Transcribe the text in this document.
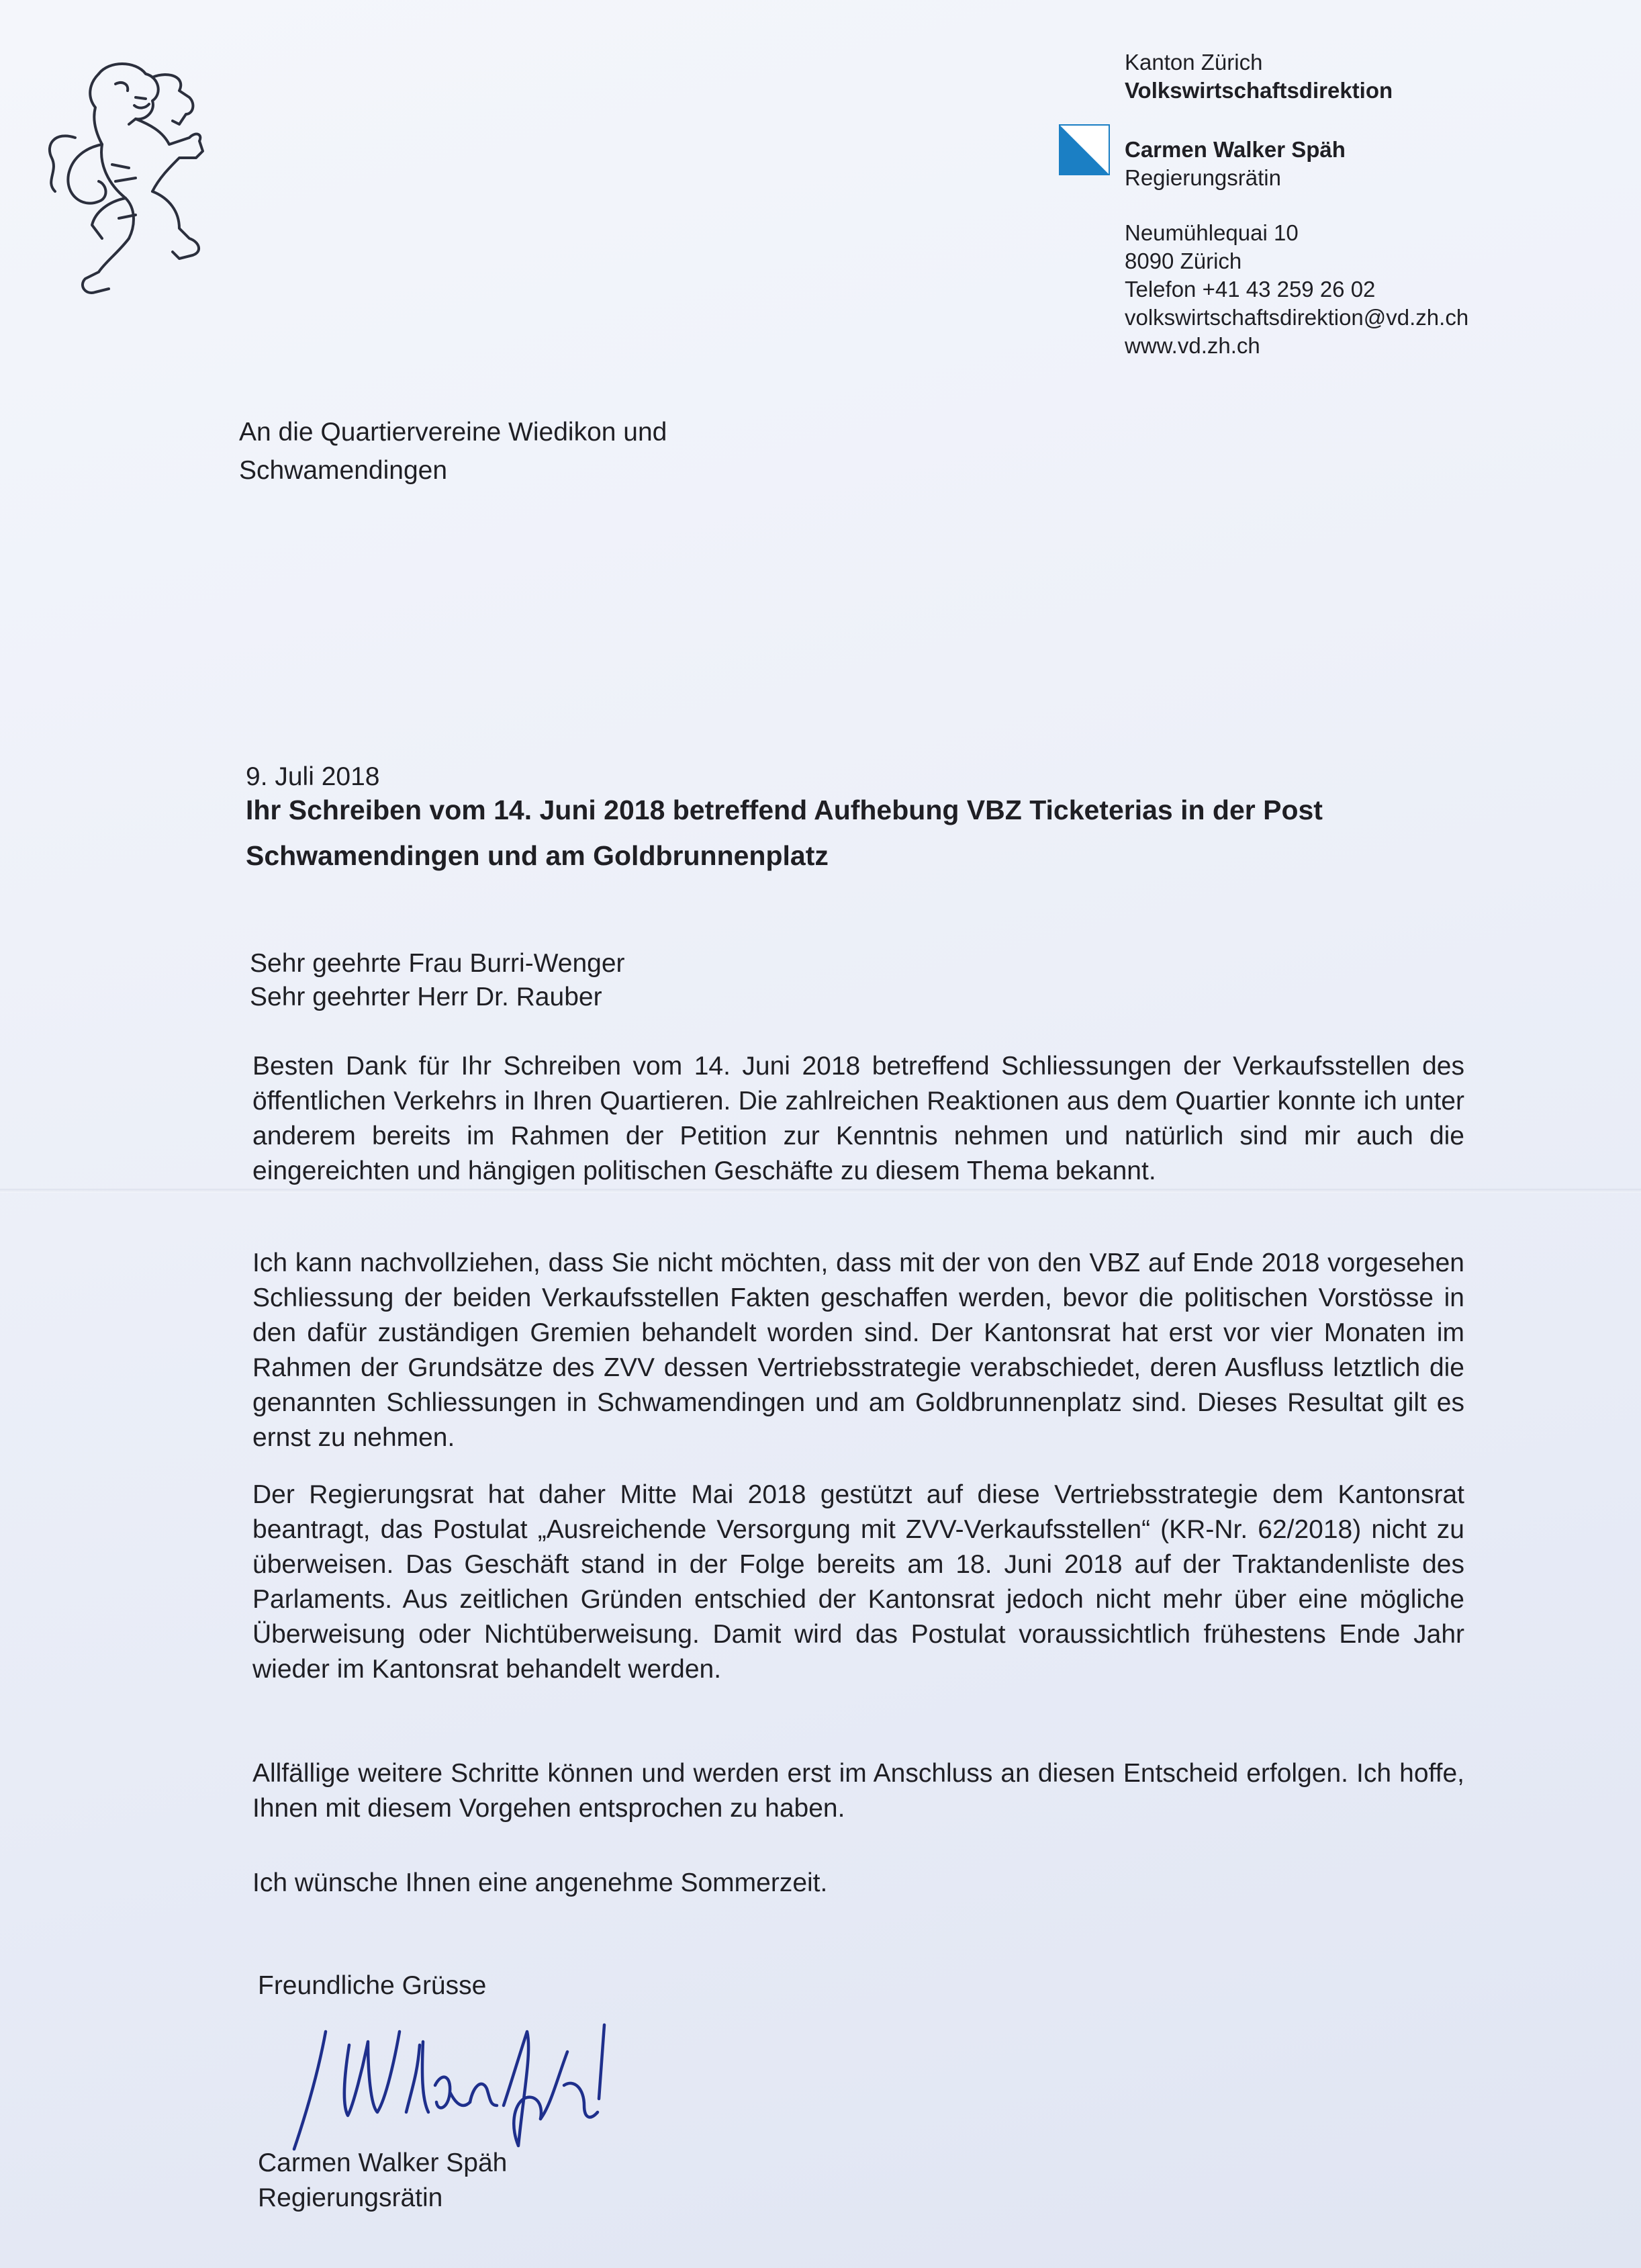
Kanton Zürich
Volkswirtschaftsdirektion
Carmen Walker Späh
Regierungsrätin
Neumühlequai 10
8090 Zürich
Telefon +41 43 259 26 02
volkswirtschaftsdirektion@vd.zh.ch
www.vd.zh.ch
An die Quartiervereine Wiedikon und
Schwamendingen
9. Juli 2018
Ihr Schreiben vom 14. Juni 2018 betreffend Aufhebung VBZ Ticketerias in der Post Schwamendingen und am Goldbrunnenplatz
Sehr geehrte Frau Burri-Wenger
Sehr geehrter Herr Dr. Rauber
Besten Dank für Ihr Schreiben vom 14. Juni 2018 betreffend Schliessungen der Verkaufsstellen des öffentlichen Verkehrs in Ihren Quartieren. Die zahlreichen Reaktionen aus dem Quartier konnte ich unter anderem bereits im Rahmen der Petition zur Kenntnis nehmen und natürlich sind mir auch die eingereichten und hängigen politischen Geschäfte zu diesem Thema bekannt.
Ich kann nachvollziehen, dass Sie nicht möchten, dass mit der von den VBZ auf Ende 2018 vorgesehen Schliessung der beiden Verkaufsstellen Fakten geschaffen werden, bevor die politischen Vorstösse in den dafür zuständigen Gremien behandelt worden sind. Der Kantonsrat hat erst vor vier Monaten im Rahmen der Grundsätze des ZVV dessen Vertriebsstrategie verabschiedet, deren Ausfluss letztlich die genannten Schliessungen in Schwamendingen und am Goldbrunnenplatz sind. Dieses Resultat gilt es ernst zu nehmen.
Der Regierungsrat hat daher Mitte Mai 2018 gestützt auf diese Vertriebsstrategie dem Kantonsrat beantragt, das Postulat „Ausreichende Versorgung mit ZVV-Verkaufsstellen“ (KR-Nr. 62/2018) nicht zu überweisen. Das Geschäft stand in der Folge bereits am 18. Juni 2018 auf der Traktandenliste des Parlaments. Aus zeitlichen Gründen entschied der Kantonsrat jedoch nicht mehr über eine mögliche Überweisung oder Nichtüberweisung. Damit wird das Postulat voraussichtlich frühestens Ende Jahr wieder im Kantonsrat behandelt werden.
Allfällige weitere Schritte können und werden erst im Anschluss an diesen Entscheid erfolgen. Ich hoffe, Ihnen mit diesem Vorgehen entsprochen zu haben.
Ich wünsche Ihnen eine angenehme Sommerzeit.
Freundliche Grüsse
Carmen Walker Späh
Regierungsrätin
